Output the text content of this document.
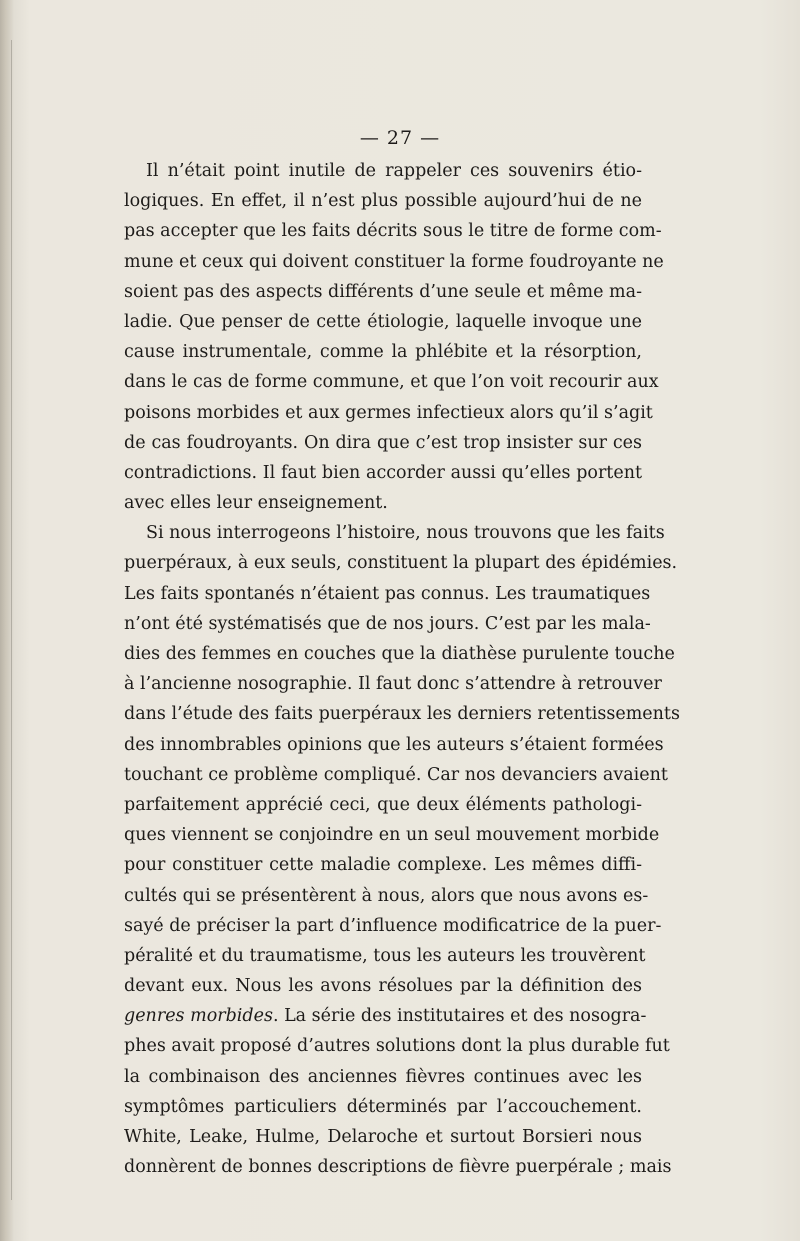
— 27 —
Il n’était point inutile de rappeler ces souvenirs étio-
logiques. En effet, il n’est plus possible aujourd’hui de ne
pas accepter que les faits décrits sous le titre de forme com-
mune et ceux qui doivent constituer la forme foudroyante ne
soient pas des aspects différents d’une seule et même ma-
ladie. Que penser de cette étiologie, laquelle invoque une
cause instrumentale, comme la phlébite et la résorption,
dans le cas de forme commune, et que l’on voit recourir aux
poisons morbides et aux germes infectieux alors qu’il s’agit
de cas foudroyants. On dira que c’est trop insister sur ces
contradictions. Il faut bien accorder aussi qu’elles portent
avec elles leur enseignement.
Si nous interrogeons l’histoire, nous trouvons que les faits
puerpéraux, à eux seuls, constituent la plupart des épidémies.
Les faits spontanés n’étaient pas connus. Les traumatiques
n’ont été systématisés que de nos jours. C’est par les mala-
dies des femmes en couches que la diathèse purulente touche
à l’ancienne nosographie. Il faut donc s’attendre à retrouver
dans l’étude des faits puerpéraux les derniers retentissements
des innombrables opinions que les auteurs s’étaient formées
touchant ce problème compliqué. Car nos devanciers avaient
parfaitement apprécié ceci, que deux éléments pathologi-
ques viennent se conjoindre en un seul mouvement morbide
pour constituer cette maladie complexe. Les mêmes diffi-
cultés qui se présentèrent à nous, alors que nous avons es-
sayé de préciser la part d’influence modificatrice de la puer-
péralité et du traumatisme, tous les auteurs les trouvèrent
devant eux. Nous les avons résolues par la définition des
genres morbides. La série des institutaires et des nosogra-
phes avait proposé d’autres solutions dont la plus durable fut
la combinaison des anciennes fièvres continues avec les
symptômes particuliers déterminés par l’accouchement.
White, Leake, Hulme, Delaroche et surtout Borsieri nous
donnèrent de bonnes descriptions de fièvre puerpérale ; mais
